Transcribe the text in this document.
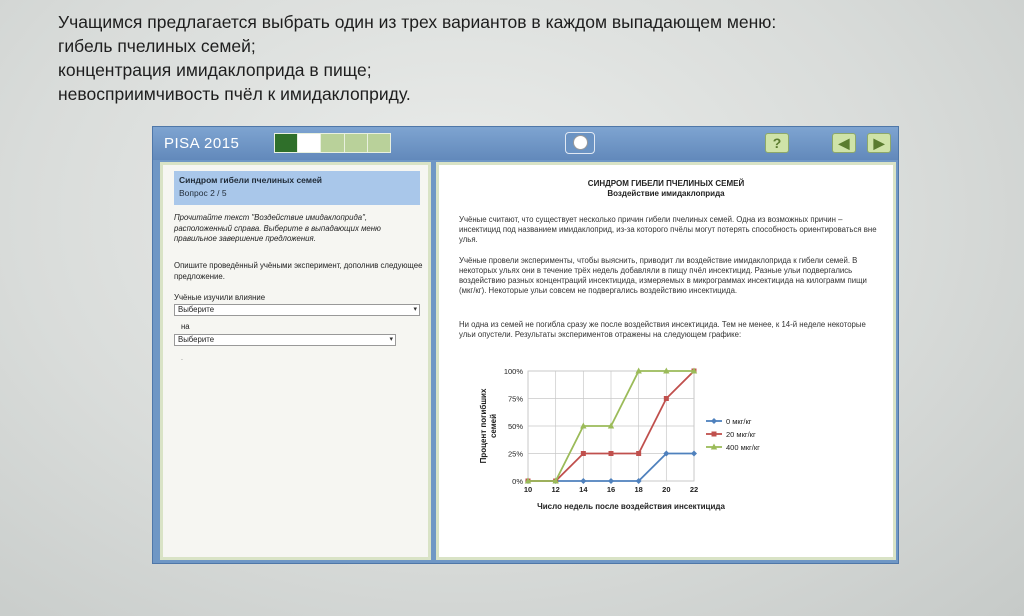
Учащимся предлагается выбрать один из трех вариантов в каждом выпадающем меню:
гибель пчелиных семей;
концентрация имидаклоприда в пище;
невосприимчивость пчёл к имидаклоприду.
PISA 2015	?	◀	▶
Синдром гибели пчелиных семей
Вопрос 2 / 5
Прочитайте текст "Воздействие имидаклоприда", расположенный справа. Выберите в выпадающих меню правильное завершение предложения.
Опишите проведённый учёными эксперимент, дополнив следующее предложение.
Учёные изучили влияние
Выберите	▾
на
Выберите	▾
.
СИНДРОМ ГИБЕЛИ ПЧЕЛИНЫХ СЕМЕЙ
Воздействие имидаклоприда
Учёные считают, что существует несколько причин гибели пчелиных семей. Одна из возможных причин – инсектицид под названием имидаклоприд, из-за которого пчёлы могут потерять способность ориентироваться вне улья.
Учёные провели эксперименты, чтобы выяснить, приводит ли воздействие имидаклоприда к гибели семей. В некоторых ульях они в течение трёх недель добавляли в пищу пчёл инсектицид. Разные ульи подвергались воздействию разных концентраций инсектицида, измеряемых в микрограммах инсектицида на килограмм пищи (мкг/кг). Некоторые ульи совсем не подвергались воздействию инсектицида.
Ни одна из семей не погибла сразу же после воздействия инсектицида. Тем не менее, к 14-й неделе некоторые ульи опустели. Результаты экспериментов отражены на следующем графике:
0%
25%
50%
75%
100%
10	12	14	16	18	20	22
0 мкг/кг
20 мкг/кг
400 мкг/кг
Число недель после воздействия инсектицида
Процент погибших семей
